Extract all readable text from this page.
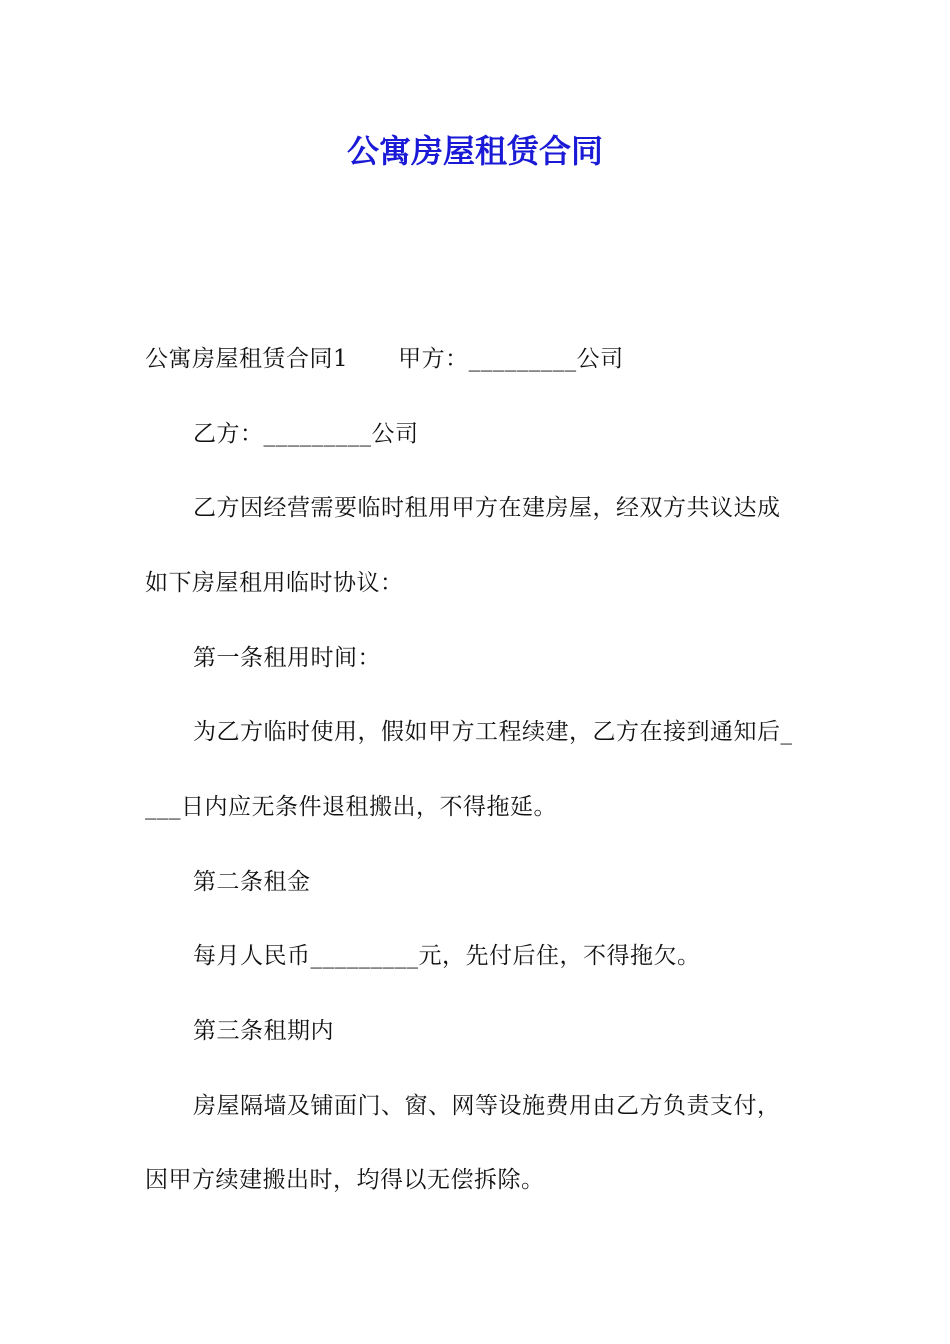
公寓房屋租赁合同
公寓房屋租赁合同1 甲方：_________公司
乙方：_________公司
乙方因经营需要临时租用甲方在建房屋，经双方共议达成
如下房屋租用临时协议：
第一条租用时间：
为乙方临时使用，假如甲方工程续建，乙方在接到通知后_
___日内应无条件退租搬出，不得拖延。
第二条租金
每月人民币_________元，先付后住，不得拖欠。
第三条租期内
房屋隔墙及铺面门、窗、网等设施费用由乙方负责支付，
因甲方续建搬出时，均得以无偿拆除。
